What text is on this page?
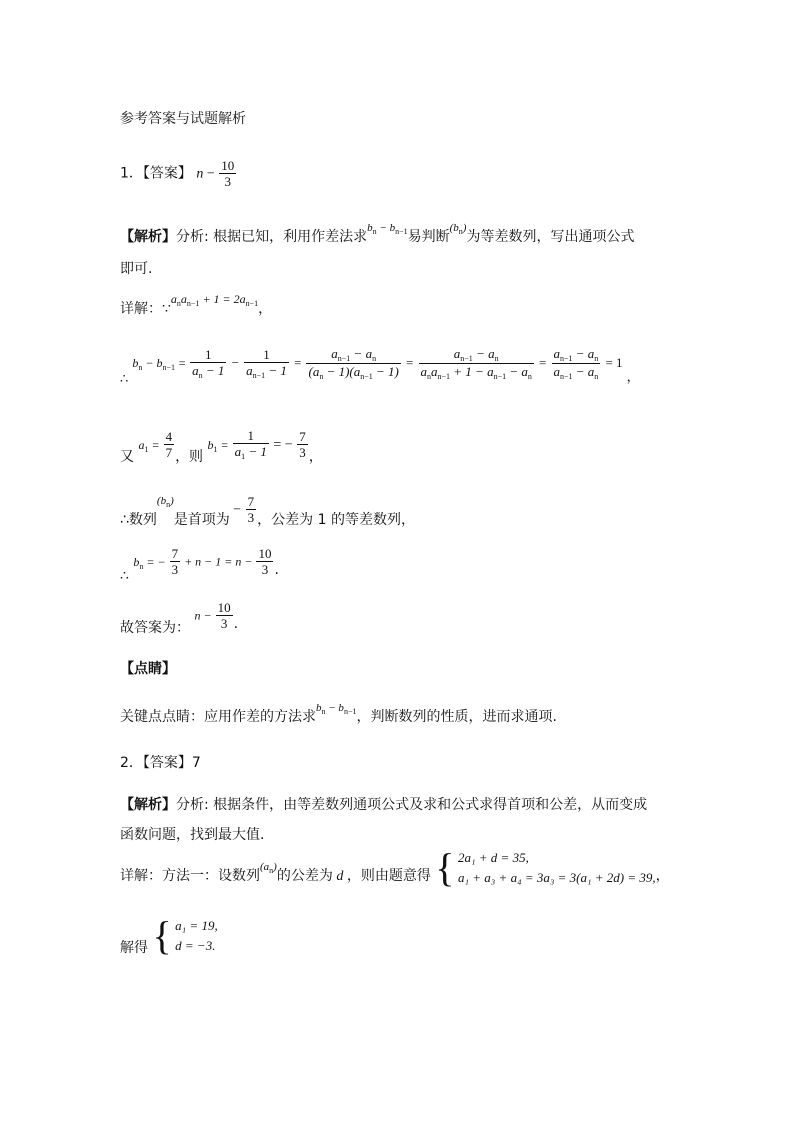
参考答案与试题解析
1．【答案】 $n - \frac{10}{3}$
【解析】分析: 根据已知，利用作差法求$^{b_n - b_{n-1}}$易判断$^{(b_n)}$为等差数列，写出通项公式
即可.
详解：$\because a_na_{n-1} + 1 = 2a_{n-1}$，
∴ $b_n - b_{n-1} = \frac{1}{a_n - 1} - \frac{1}{a_{n-1} - 1} = \frac{a_{n-1} - a_n}{(a_n - 1)(a_{n-1} - 1)} = \frac{a_{n-1} - a_n}{a_na_{n-1} + 1 - a_{n-1} - a_n} = \frac{a_{n-1} - a_n}{a_{n-1} - a_n} = 1$ ，
又 $a_1 = \frac{4}{7}$ ，则 $b_1 = \frac{1}{a_1 - 1}$ = − $\frac{7}{3}$ ，
∴数列$^{(b_n)}$是首项为 − $\frac{7}{3}$ ，公差为 1 的等差数列，
∴ $b_n$ = − $\frac{7}{3} + n - 1 = n - \frac{10}{3}$ .
故答案为： $n - \frac{10}{3}$ .
【点睛】
关键点点睛：应用作差的方法求$^{b_n - b_{n-1}}$，判断数列的性质，进而求通项.
2．【答案】7
【解析】分析: 根据条件，由等差数列通项公式及求和公式求得首项和公差，从而变成
函数问题，找到最大值.
详解：方法一：设数列$^{(a_n)}$的公差为 d ，则由题意得 { 2a₁ + d = 35,
a₁ + a₃ + a₄ = 3a₃ = 3(a₁ + 2d) = 39, ，
解得 { a₁ = 19,
d = −3.
